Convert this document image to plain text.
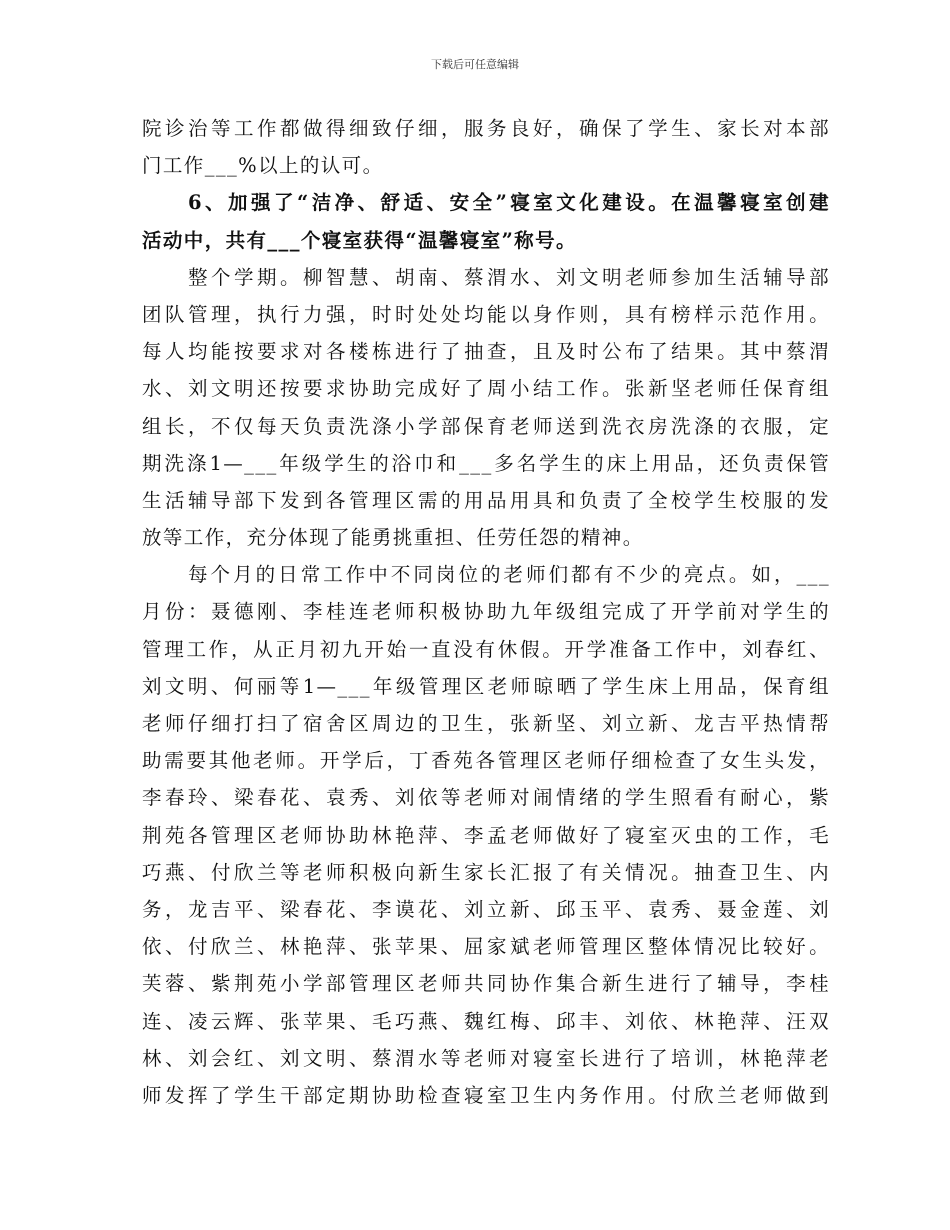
下载后可任意编辑
院诊治等工作都做得细致仔细，服务良好，确保了学生、家长对本部
门工作___%以上的认可。
6、加强了“洁净、舒适、安全”寝室文化建设。在温馨寝室创建
活动中，共有___个寝室获得“温馨寝室”称号。
整个学期。柳智慧、胡南、蔡渭水、刘文明老师参加生活辅导部
团队管理，执行力强，时时处处均能以身作则，具有榜样示范作用。
每人均能按要求对各楼栋进行了抽查，且及时公布了结果。其中蔡渭
水、刘文明还按要求协助完成好了周小结工作。张新坚老师任保育组
组长，不仅每天负责洗涤小学部保育老师送到洗衣房洗涤的衣服，定
期洗涤1—___年级学生的浴巾和___多名学生的床上用品，还负责保管
生活辅导部下发到各管理区需的用品用具和负责了全校学生校服的发
放等工作，充分体现了能勇挑重担、任劳任怨的精神。
每个月的日常工作中不同岗位的老师们都有不少的亮点。如，___
月份：聂德刚、李桂连老师积极协助九年级组完成了开学前对学生的
管理工作，从正月初九开始一直没有休假。开学准备工作中，刘春红、
刘文明、何丽等1—___年级管理区老师晾晒了学生床上用品，保育组
老师仔细打扫了宿舍区周边的卫生，张新坚、刘立新、龙吉平热情帮
助需要其他老师。开学后，丁香苑各管理区老师仔细检查了女生头发，
李春玲、梁春花、袁秀、刘依等老师对闹情绪的学生照看有耐心，紫
荆苑各管理区老师协助林艳萍、李孟老师做好了寝室灭虫的工作，毛
巧燕、付欣兰等老师积极向新生家长汇报了有关情况。抽查卫生、内
务，龙吉平、梁春花、李谟花、刘立新、邱玉平、袁秀、聂金莲、刘
依、付欣兰、林艳萍、张苹果、屈家斌老师管理区整体情况比较好。
芙蓉、紫荆苑小学部管理区老师共同协作集合新生进行了辅导，李桂
连、凌云辉、张苹果、毛巧燕、魏红梅、邱丰、刘依、林艳萍、汪双
林、刘会红、刘文明、蔡渭水等老师对寝室长进行了培训，林艳萍老
师发挥了学生干部定期协助检查寝室卫生内务作用。付欣兰老师做到
